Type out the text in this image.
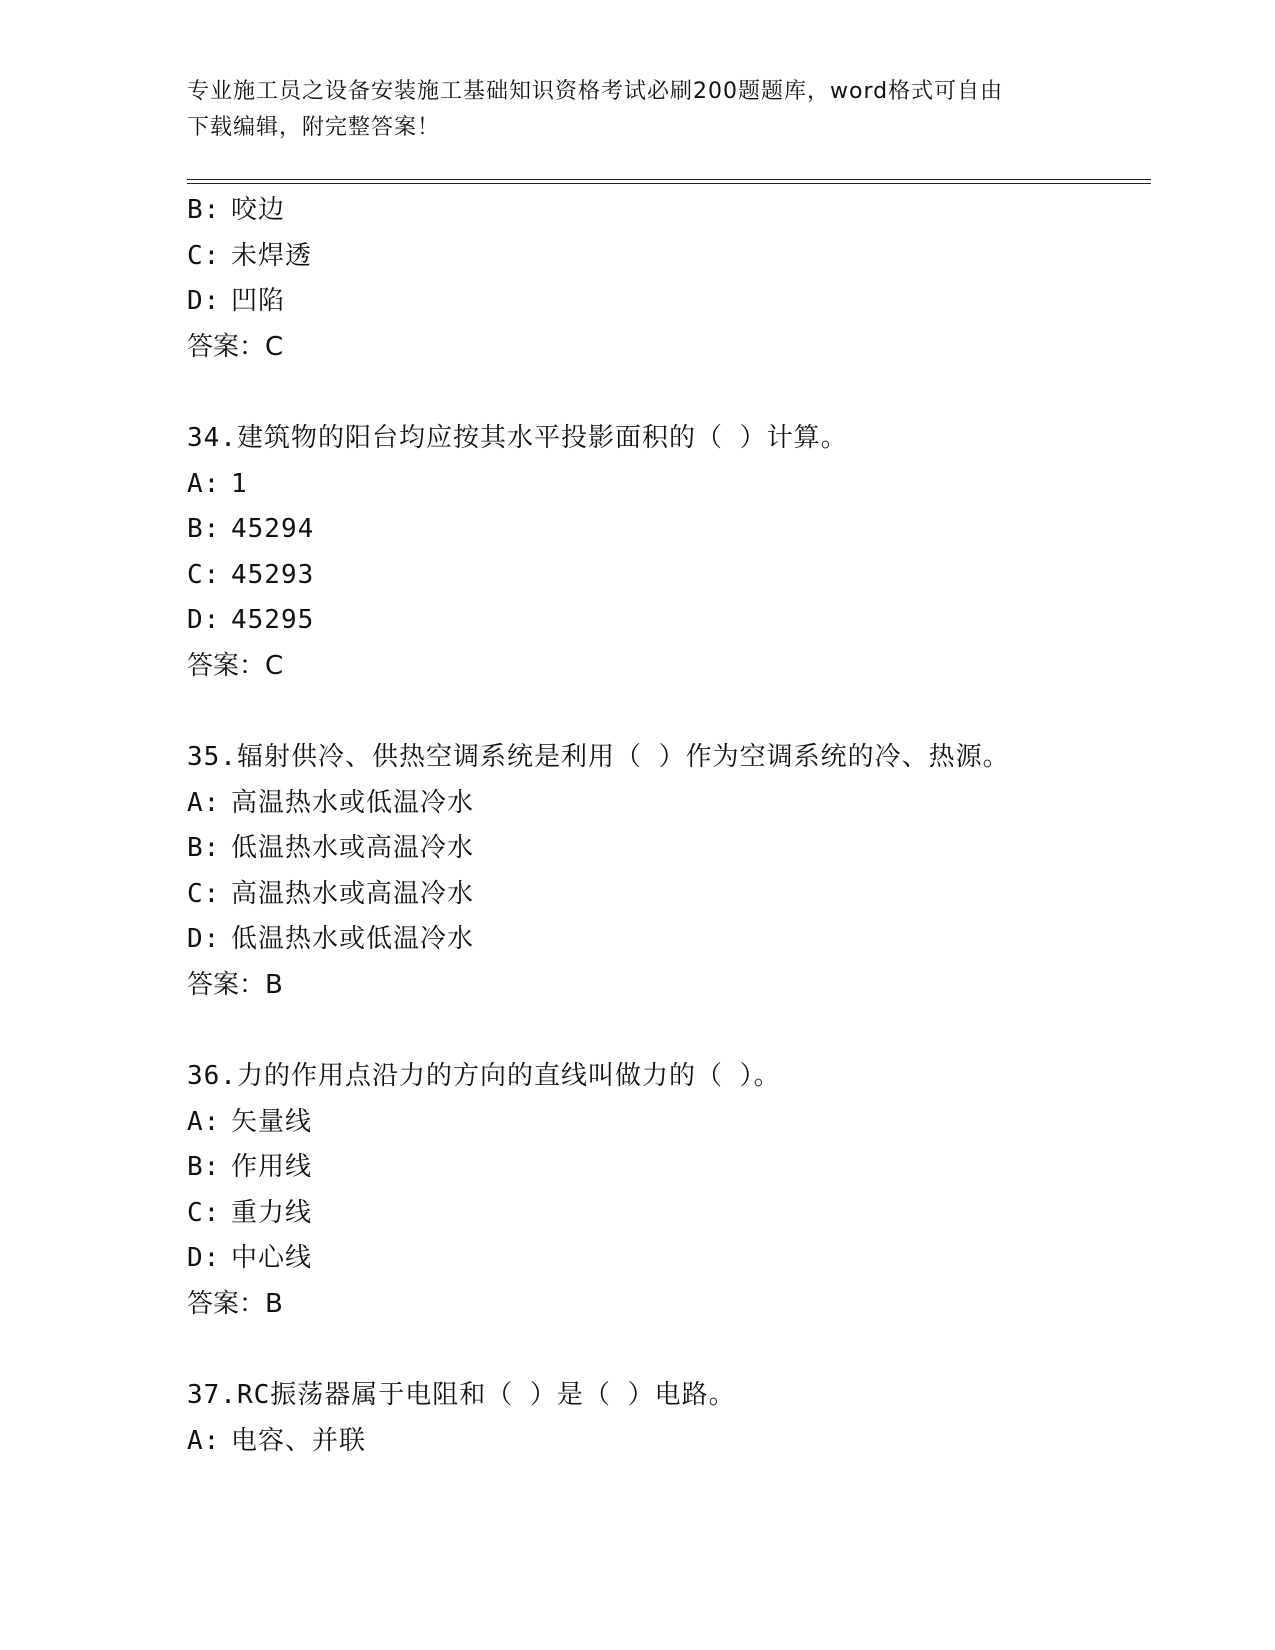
专业施工员之设备安装施工基础知识资格考试必刷200题题库，word格式可自由
下载编辑，附完整答案！
B: 咬边
C: 未焊透
D: 凹陷
答案：C
34.建筑物的阳台均应按其水平投影面积的（ ）计算。
A: 1
B: 45294
C: 45293
D: 45295
答案：C
35.辐射供冷、供热空调系统是利用（ ）作为空调系统的冷、热源。
A: 高温热水或低温冷水
B: 低温热水或高温冷水
C: 高温热水或高温冷水
D: 低温热水或低温冷水
答案：B
36.力的作用点沿力的方向的直线叫做力的（ ）。
A: 矢量线
B: 作用线
C: 重力线
D: 中心线
答案：B
37.RC振荡器属于电阻和（ ）是（ ）电路。
A: 电容、并联
